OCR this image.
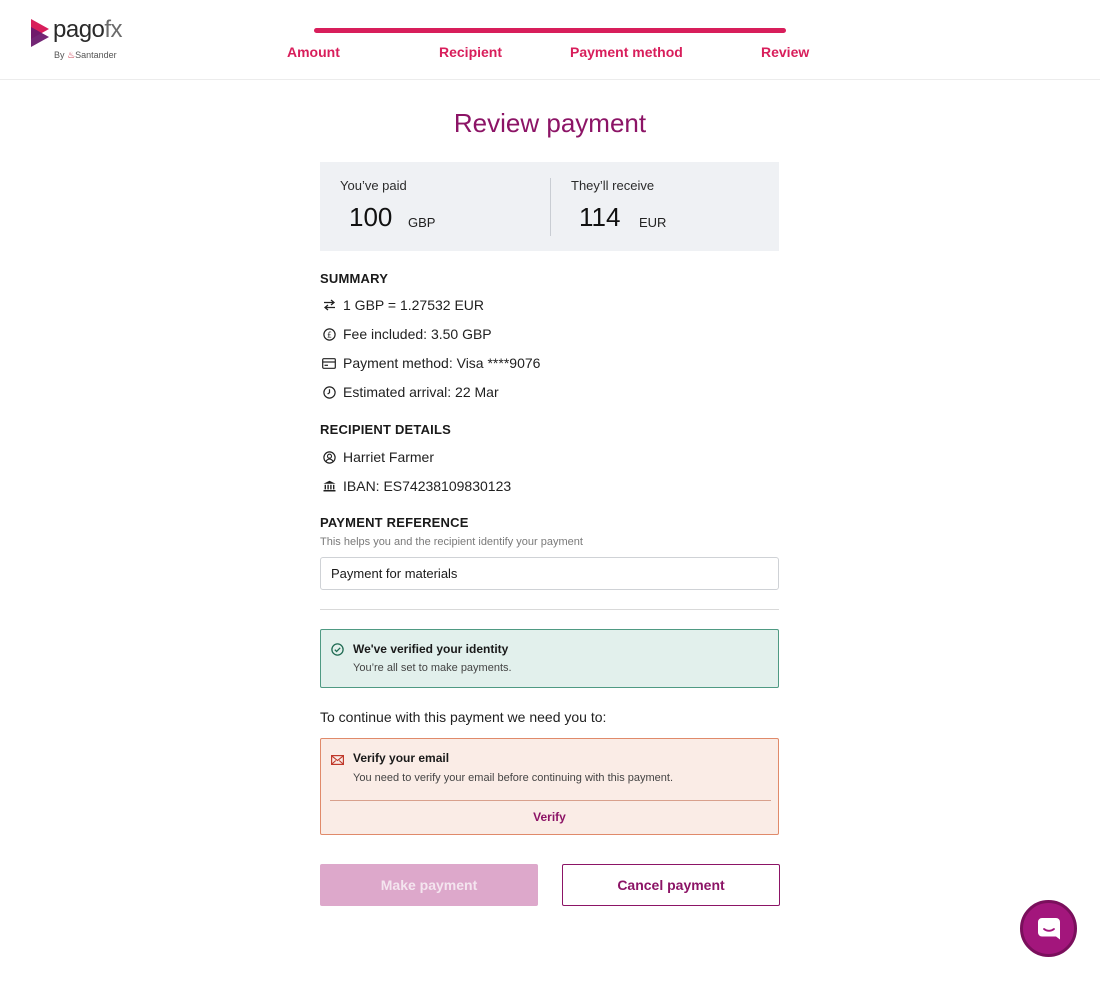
pagofx
By ♨Santander	Amount	Recipient	Payment method	Review
Review payment
You’ve paid
100 GBP
They’ll receive
114 EUR
SUMMARY
1 GBP = 1.27532 EUR
£ Fee included: 3.50 GBP
Payment method: Visa ****9076
Estimated arrival: 22 Mar
RECIPIENT DETAILS
Harriet Farmer
IBAN: ES74238109830123
PAYMENT REFERENCE
This helps you and the recipient identify your payment
Payment for materials
We've verified your identity
You’re all set to make payments.
To continue with this payment we need you to:
Verify your email
You need to verify your email before continuing with this payment.
Verify
Make payment	Cancel payment
